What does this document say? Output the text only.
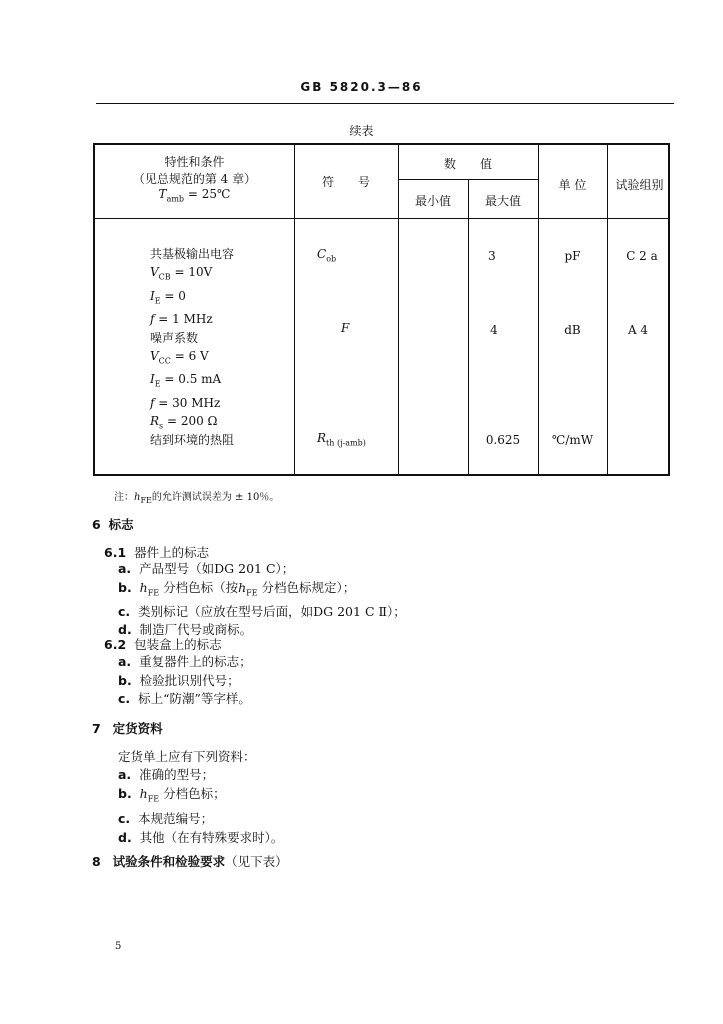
GB 5820.3—86
续表
特性和条件
（见总规范的第 4 章）
$T_{amb}$ = 25℃
符　　号
数　　值
最小值	最大值
单 位	试验组别
共基极输出电容
$V_{CB} = 10V$
$I_E = 0$
f = 1 MHz
噪声系数
$V_{CC} = 6$ V
$I_E = 0.5$ mA
f = 30 MHz
$R_s = 200$ Ω
结到环境的热阻
$C_{ob}$
F
$R_{th (j-amb)}$
3
4
0.625
pF
dB
℃/mW
C 2 a
A 4
注：$h_{FE}$的允许测试误差为 ± 10％。
6 标志
6.1 器件上的标志
a. 产品型号（如DG 201 C）；
b. $h_{FE}$ 分档色标（按$h_{FE}$ 分档色标规定）；
c. 类别标记（应放在型号后面，如DG 201 C Ⅱ）；
d. 制造厂代号或商标。
6.2 包装盒上的标志
a. 重复器件上的标志；
b. 检验批识别代号；
c. 标上“防潮”等字样。
7 定货资料
定货单上应有下列资料：
a. 准确的型号；
b. $h_{FE}$ 分档色标；
c. 本规范编号；
d. 其他（在有特殊要求时）。
8 试验条件和检验要求（见下表）
5
